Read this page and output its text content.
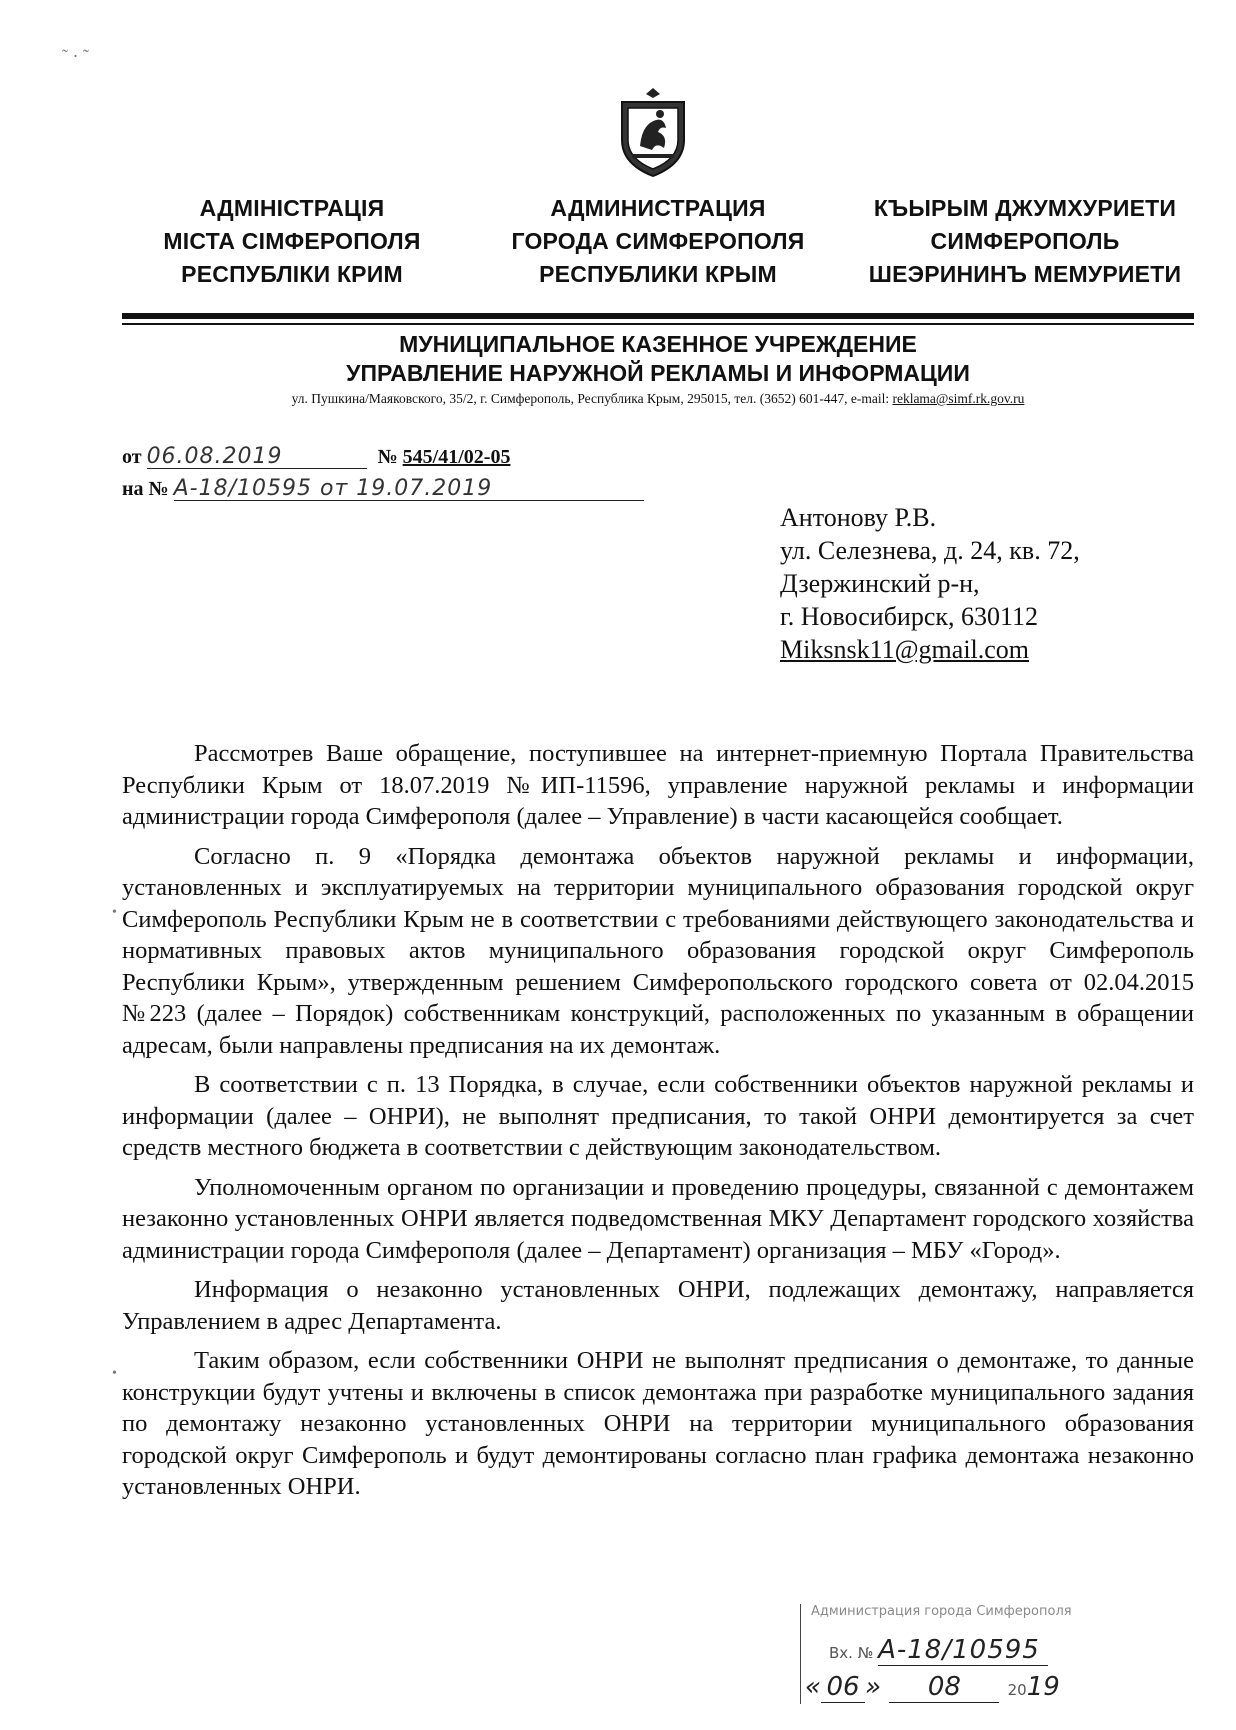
АДМІНІСТРАЦІЯ
МІСТА СІМФЕРОПОЛЯ
РЕСПУБЛІКИ КРИМ
АДМИНИСТРАЦИЯ
ГОРОДА СИМФЕРОПОЛЯ
РЕСПУБЛИКИ КРЫМ
КЪЫРЫМ ДЖУМХУРИЕТИ
СИМФЕРОПОЛЬ
ШЕЭРИНИНЪ МЕМУРИЕТИ
МУНИЦИПАЛЬНОЕ КАЗЕННОЕ УЧРЕЖДЕНИЕ
УПРАВЛЕНИЕ НАРУЖНОЙ РЕКЛАМЫ И ИНФОРМАЦИИ
ул. Пушкина/Маяковского, 35/2, г. Симферополь, Республика Крым, 295015, тел. (3652) 601-447, e-mail: reklama@simf.rk.gov.ru
от 06.08.2019	№ 545/41/02-05
на № А-18/10595 от 19.07.2019
Антонову Р.В.
ул. Селезнева, д. 24, кв. 72,
Дзержинский р-н,
г. Новосибирск, 630112
Miksnsk11@gmail.com

Рассмотрев Ваше обращение, поступившее на интернет-приемную Портала Правительства Республики Крым от 18.07.2019 №ИП-11596, управление наружной рекламы и информации администрации города Симферополя (далее – Управление) в части касающейся сообщает.

Согласно п. 9 «Порядка демонтажа объектов наружной рекламы и информации, установленных и эксплуатируемых на территории муниципального образования городской округ Симферополь Республики Крым не в соответствии с требованиями действующего законодательства и нормативных правовых актов муниципального образования городской округ Симферополь Республики Крым», утвержденным решением Симферопольского городского совета от 02.04.2015 №223 (далее – Порядок) собственникам конструкций, расположенных по указанным в обращении адресам, были направлены предписания на их демонтаж.

В соответствии с п. 13 Порядка, в случае, если собственники объектов наружной рекламы и информации (далее – ОНРИ), не выполнят предписания, то такой ОНРИ демонтируется за счет средств местного бюджета в соответствии с действующим законодательством.

Уполномоченным органом по организации и проведению процедуры, связанной с демонтажем незаконно установленных ОНРИ является подведомственная МКУ Департамент городского хозяйства администрации города Симферополя (далее – Департамент) организация – МБУ «Город».

Информация о незаконно установленных ОНРИ, подлежащих демонтажу, направляется Управлением в адрес Департамента.

Таким образом, если собственники ОНРИ не выполнят предписания о демонтаже, то данные конструкции будут учтены и включены в список демонтажа при разработке муниципального задания по демонтажу незаконно установленных ОНРИ на территории муниципального образования городской округ Симферополь и будут демонтированы согласно план графика демонтажа незаконно установленных ОНРИ.

Администрация города Симферополя
Вх. № А-18/10595
« 06 » 08	2019
˜ · ˜
•
•
